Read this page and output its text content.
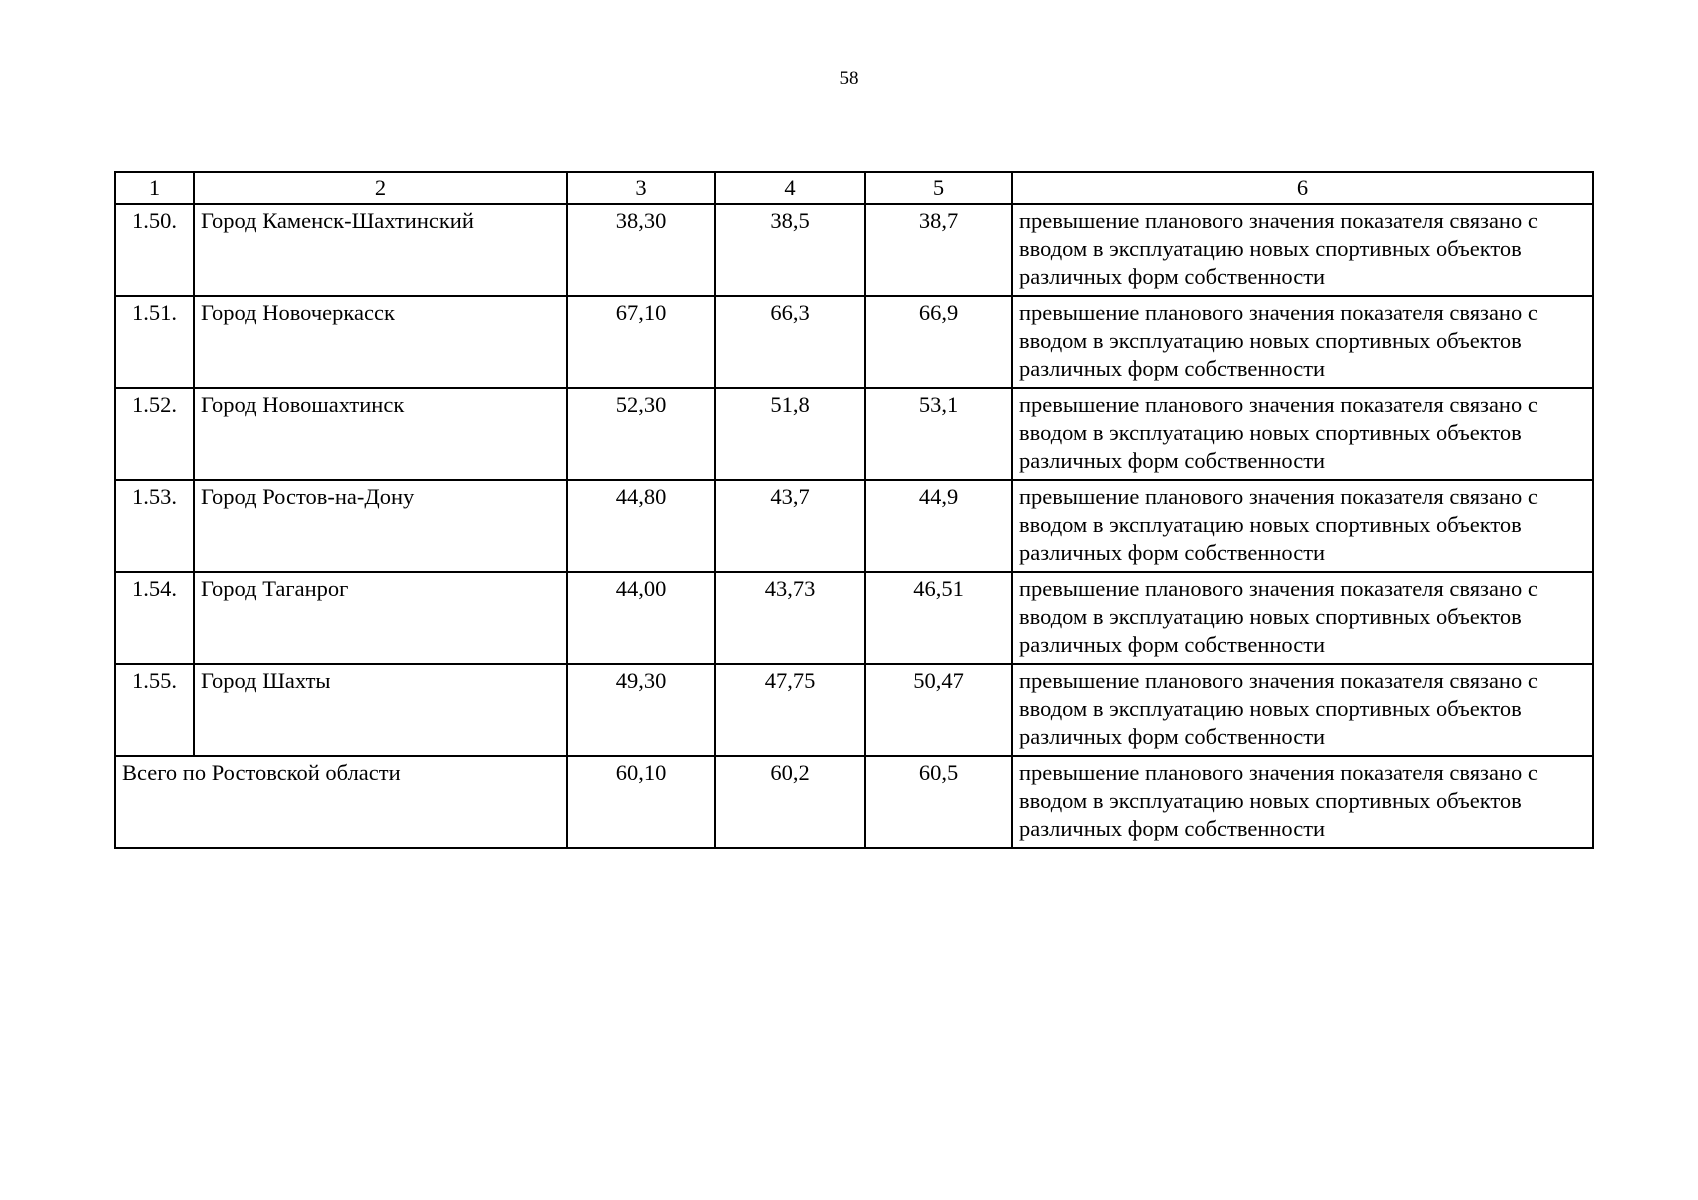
58
1	2	3	4	5	6
1.50.	Город Каменск-Шахтинский	38,30	38,5	38,7	превышение планового значения показателя связано с вводом в эксплуатацию новых спортивных объектов различных форм собственности
1.51.	Город Новочеркасск	67,10	66,3	66,9	превышение планового значения показателя связано с вводом в эксплуатацию новых спортивных объектов различных форм собственности
1.52.	Город Новошахтинск	52,30	51,8	53,1	превышение планового значения показателя связано с вводом в эксплуатацию новых спортивных объектов различных форм собственности
1.53.	Город Ростов-на-Дону	44,80	43,7	44,9	превышение планового значения показателя связано с вводом в эксплуатацию новых спортивных объектов различных форм собственности
1.54.	Город Таганрог	44,00	43,73	46,51	превышение планового значения показателя связано с вводом в эксплуатацию новых спортивных объектов различных форм собственности
1.55.	Город Шахты	49,30	47,75	50,47	превышение планового значения показателя связано с вводом в эксплуатацию новых спортивных объектов различных форм собственности
Всего по Ростовской области		60,10	60,2	60,5	превышение планового значения показателя связано с вводом в эксплуатацию новых спортивных объектов различных форм собственности
